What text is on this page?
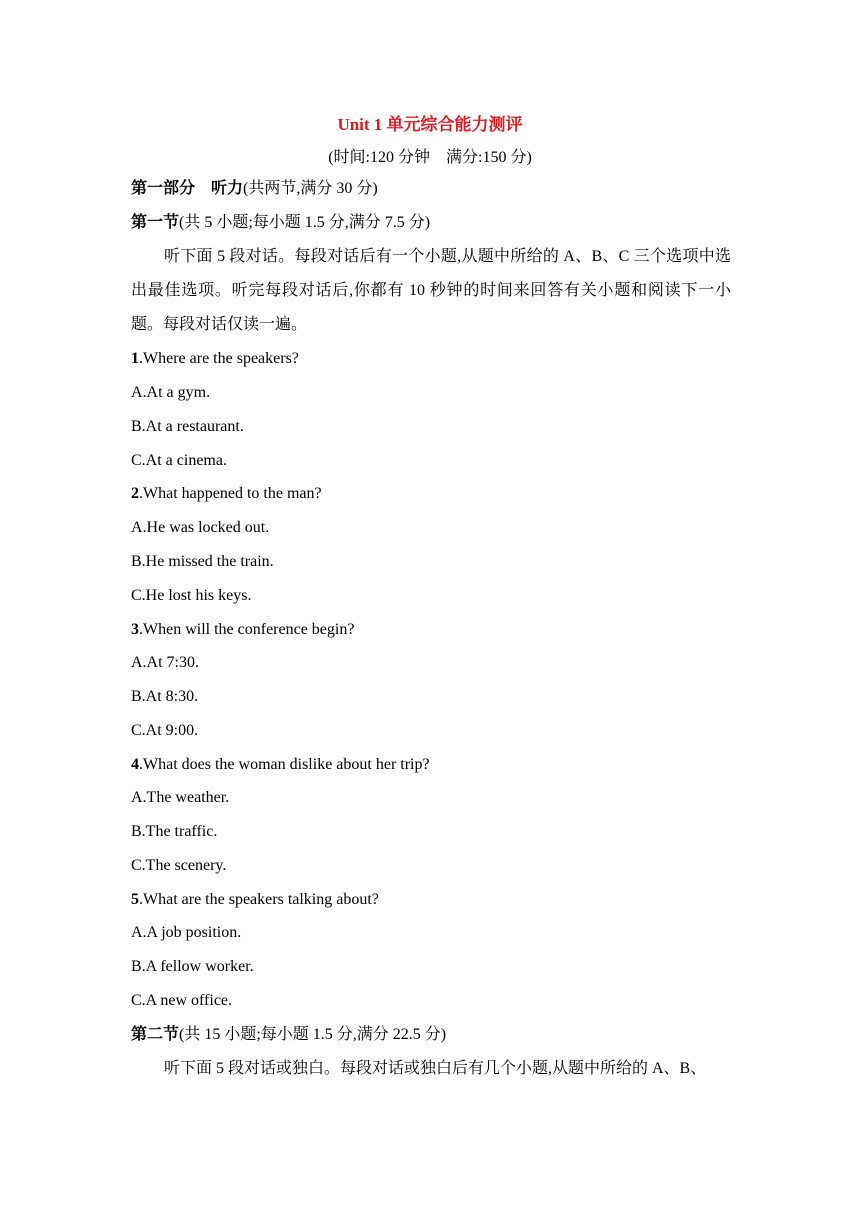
Unit 1 单元综合能力测评
(时间:120 分钟　满分:150 分)
第一部分　听力(共两节,满分 30 分)
第一节(共 5 小题;每小题 1.5 分,满分 7.5 分)
听下面 5 段对话。每段对话后有一个小题,从题中所给的 A、B、C 三个选项中选出最佳选项。听完每段对话后,你都有 10 秒钟的时间来回答有关小题和阅读下一小题。每段对话仅读一遍。
1.Where are the speakers?
A.At a gym.
B.At a restaurant.
C.At a cinema.
2.What happened to the man?
A.He was locked out.
B.He missed the train.
C.He lost his keys.
3.When will the conference begin?
A.At 7:30.
B.At 8:30.
C.At 9:00.
4.What does the woman dislike about her trip?
A.The weather.
B.The traffic.
C.The scenery.
5.What are the speakers talking about?
A.A job position.
B.A fellow worker.
C.A new office.
第二节(共 15 小题;每小题 1.5 分,满分 22.5 分)
听下面 5 段对话或独白。每段对话或独白后有几个小题,从题中所给的 A、B、
